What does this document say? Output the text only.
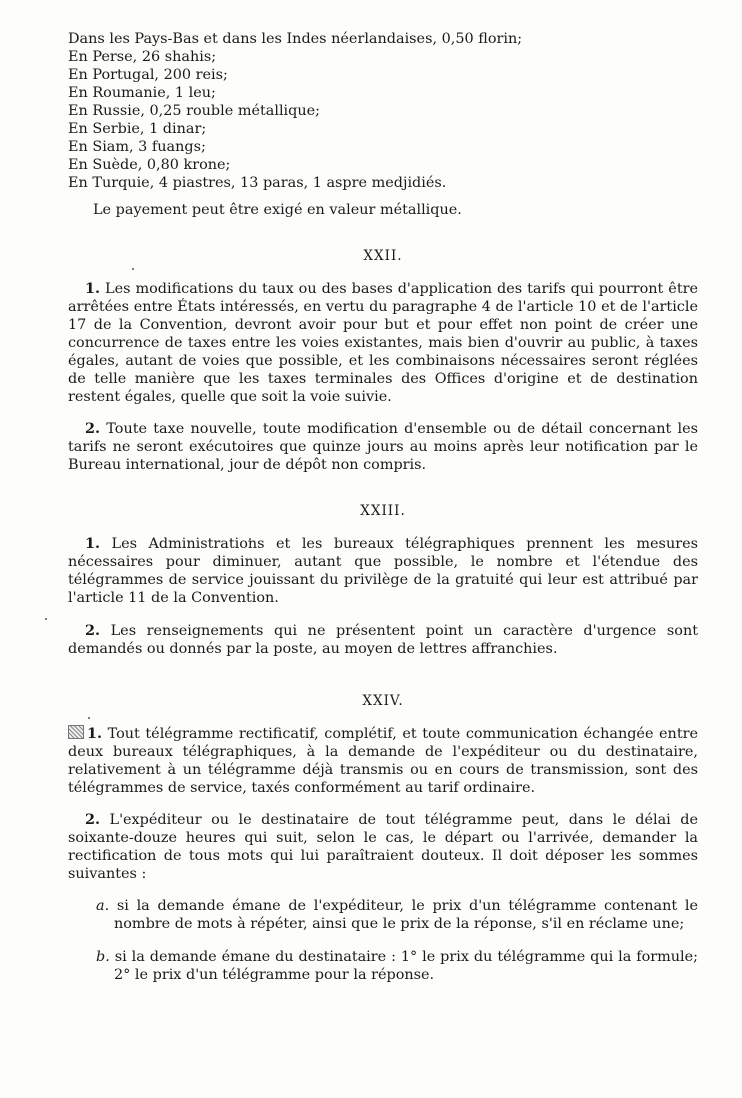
Dans les Pays-Bas et dans les Indes néerlandaises, 0,50 florin;
En Perse, 26 shahis;
En Portugal, 200 reis;
En Roumanie, 1 leu;
En Russie, 0,25 rouble métallique;
En Serbie, 1 dinar;
En Siam, 3 fuangs;
En Suède, 0,80 krone;
En Turquie, 4 piastres, 13 paras, 1 aspre medjidiés.

Le payement peut être exigé en valeur métallique.

XXII.

1. Les modifications du taux ou des bases d'application des tarifs qui pourront être arrêtées entre États intéressés, en vertu du paragraphe 4 de l'article 10 et de l'article 17 de la Convention, devront avoir pour but et pour effet non point de créer une concurrence de taxes entre les voies existantes, mais bien d'ouvrir au public, à taxes égales, autant de voies que possible, et les combinaisons nécessaires seront réglées de telle manière que les taxes terminales des Offices d'origine et de destination restent égales, quelle que soit la voie suivie.

2. Toute taxe nouvelle, toute modification d'ensemble ou de détail concernant les tarifs ne seront exécutoires que quinze jours au moins après leur notification par le Bureau international, jour de dépôt non compris.

XXIII.

1. Les Administrations et les bureaux télégraphiques prennent les mesures nécessaires pour diminuer, autant que possible, le nombre et l'étendue des télégrammes de service jouissant du privilège de la gratuité qui leur est attribué par l'article 11 de la Convention.

2. Les renseignements qui ne présentent point un caractère d'urgence sont demandés ou donnés par la poste, au moyen de lettres affranchies.

XXIV.

1. Tout télégramme rectificatif, complétif, et toute communication échangée entre deux bureaux télégraphiques, à la demande de l'expéditeur ou du destinataire, relativement à un télégramme déjà transmis ou en cours de transmission, sont des télégrammes de service, taxés conformément au tarif ordinaire.

2. L'expéditeur ou le destinataire de tout télégramme peut, dans le délai de soixante-douze heures qui suit, selon le cas, le départ ou l'arrivée, demander la rectification de tous mots qui lui paraîtraient douteux. Il doit déposer les sommes suivantes :

a. si la demande émane de l'expéditeur, le prix d'un télégramme contenant le nombre de mots à répéter, ainsi que le prix de la réponse, s'il en réclame une;

b. si la demande émane du destinataire : 1° le prix du télégramme qui la formule; 2° le prix d'un télégramme pour la réponse.
